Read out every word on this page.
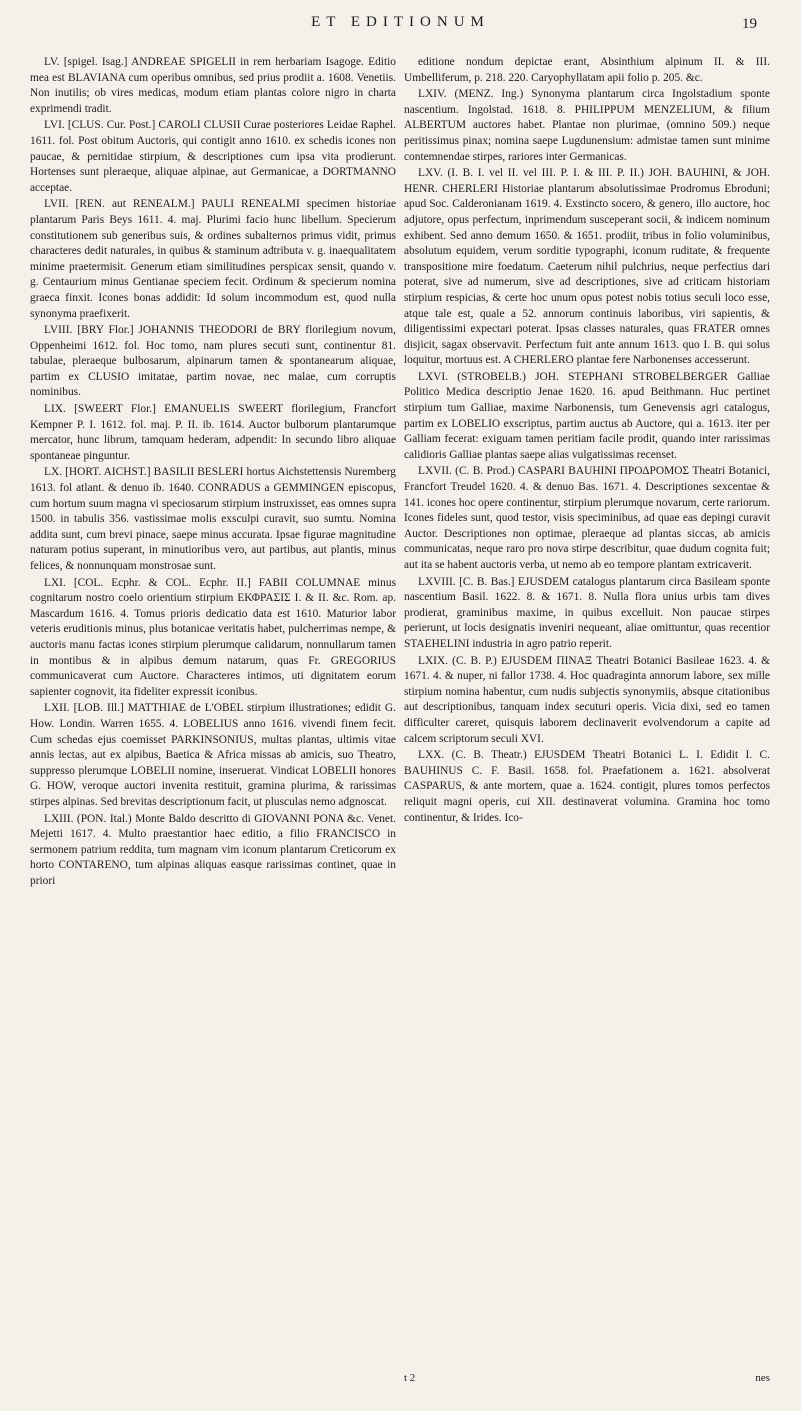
ET EDITIONUM	19

LV. [spigel. Isag.] ANDREAE SPIGELII in rem herbariam Isagoge. Editio mea est BLAVIANA cum operibus omnibus, sed prius prodiit a. 1608. Venetiis. Non inutilis; ob vires medicas, modum etiam plantas colore nigro in charta exprimendi tradit.

LVI. [CLUS. Cur. Post.] CAROLI CLUSII Curae posteriores Leidae Raphel. 1611. fol. Post obitum Auctoris, qui contigit anno 1610. ex schedis icones non paucae, & pernitidae stirpium, & descriptiones cum ipsa vita prodierunt. Hortenses sunt pleraeque, aliquae alpinae, aut Germanicae, a DORTMANNO acceptae.

LVII. [REN. aut RENEALM.] PAULI RENEALMI specimen historiae plantarum Paris Beys 1611. 4. maj. Plurimi facio hunc libellum. Specierum constitutionem sub generibus suis, & ordines subalternos primus vidit, primus characteres dedit naturales, in quibus & staminum adtributa v. g. inaequalitatem minime praetermisit. Generum etiam similitudines perspicax sensit, quando v. g. Centaurium minus Gentianae speciem fecit. Ordinum & specierum nomina graeca finxit. Icones bonas addidit: Id solum incommodum est, quod nulla synonyma praefixerit.

LVIII. [BRY Flor.] JOHANNIS THEODORI de BRY florilegium novum, Oppenheimi 1612. fol. Hoc tomo, nam plures secuti sunt, continentur 81. tabulae, pleraeque bulbosarum, alpinarum tamen & spontanearum aliquae, partim ex CLUSIO imitatae, partim novae, nec malae, cum corruptis nominibus.

LIX. [SWEERT Flor.] EMANUELIS SWEERT florilegium, Francfort Kempner P. I. 1612. fol. maj. P. II. ib. 1614. Auctor bulborum plantarumque mercator, hunc librum, tamquam hederam, adpendit: In secundo libro aliquae spontaneae pinguntur.

LX. [HORT. AICHST.] BASILII BESLERI hortus Aichstettensis Nuremberg 1613. fol atlant. & denuo ib. 1640. CONRADUS a GEMMINGEN episcopus, cum hortum suum magna vi speciosarum stirpium instruxisset, eas omnes supra 1500. in tabulis 356. vastissimae molis exsculpi curavit, suo sumtu. Nomina addita sunt, cum brevi pinace, saepe minus accurata. Ipsae figurae magnitudine naturam potius superant, in minutioribus vero, aut partibus, aut plantis, minus felices, & nonnunquam monstrosae sunt.

LXI. [COL. Ecphr. & COL. Ecphr. II.] FABII COLUMNAE minus cognitarum nostro coelo orientium stirpium ΕΚΦΡΑΣΙΣ I. & II. &c. Rom. ap. Mascardum 1616. 4. Tomus prioris dedicatio data est 1610. Maturior labor veteris eruditionis minus, plus botanicae veritatis habet, pulcherrimas nempe, & auctoris manu factas icones stirpium plerumque calidarum, nonnullarum tamen in montibus & in alpibus demum natarum, quas Fr. GREGORIUS communicaverat cum Auctore. Characteres intimos, uti dignitatem eorum sapienter cognovit, ita fideliter expressit iconibus.

LXII. [LOB. Ill.] MATTHIAE de L'OBEL stirpium illustrationes; edidit G. How. Londin. Warren 1655. 4. LOBELIUS anno 1616. vivendi finem fecit. Cum schedas ejus coemisset PARKINSONIUS, multas plantas, ultimis vitae annis lectas, aut ex alpibus, Baetica & Africa missas ab amicis, suo Theatro, suppresso plerumque LOBELII nomine, inseruerat. Vindicat LOBELII honores G. HOW, veroque auctori invenita restituit, gramina plurima, & rarissimas stirpes alpinas. Sed brevitas descriptionum facit, ut plusculas nemo adgnoscat.

LXIII. (PON. Ital.) Monte Baldo descritto di GIOVANNI PONA &c. Venet. Mejetti 1617. 4. Multo praestantior haec editio, a filio FRANCISCO in sermonem patrium reddita, tum magnam vim iconum plantarum Creticorum ex horto CONTARENO, tum alpinas aliquas easque rarissimas continet, quae in priori

editione nondum depictae erant, Absinthium alpinum II. & III. Umbelliferum, p. 218. 220. Caryophyllatam apii folio p. 205. &c.

LXIV. (MENZ. Ing.) Synonyma plantarum circa Ingolstadium sponte nascentium. Ingolstad. 1618. 8. PHILIPPUM MENZELIUM, & filium ALBERTUM auctores habet. Plantae non plurimae, (omnino 509.) neque peritissimus pinax; nomina saepe Lugdunensium: admistae tamen sunt minime contemnendae stirpes, rariores inter Germanicas.

LXV. (I. B. I. vel II. vel III. P. I. & III. P. II.) JOH. BAUHINI, & JOH. HENR. CHERLERI Historiae plantarum absolutissimae Prodromus Ebroduni; apud Soc. Calderonianam 1619. 4. Exstincto socero, & genero, illo auctore, hoc adjutore, opus perfectum, inprimendum susceperant socii, & indicem nominum exhibent. Sed anno demum 1650. & 1651. prodiit, tribus in folio voluminibus, absolutum equidem, verum sorditie typographi, iconum ruditate, & frequente transpositione mire foedatum. Caeterum nihil pulchrius, neque perfectius dari poterat, sive ad numerum, sive ad descriptiones, sive ad criticam historiam stirpium respicias, & certe hoc unum opus potest nobis totius seculi loco esse, atque tale est, quale a 52. annorum continuis laboribus, viri sapientis, & diligentissimi expectari poterat. Ipsas classes naturales, quas FRATER omnes disjicit, sagax observavit. Perfectum fuit ante annum 1613. quo I. B. qui solus loquitur, mortuus est. A CHERLERO plantae fere Narbonenses accesserunt.

LXVI. (STROBELB.) JOH. STEPHANI STROBELBERGER Galliae Politico Medica descriptio Jenae 1620. 16. apud Beithmann. Huc pertinet stirpium tum Galliae, maxime Narbonensis, tum Genevensis agri catalogus, partim ex LOBELIO exscriptus, partim auctus ab Auctore, qui a. 1613. iter per Galliam fecerat: exiguam tamen peritiam facile prodit, quando inter rarissimas calidioris Galliae plantas saepe alias vulgatissimas recenset.

LXVII. (C. B. Prod.) CASPARI BAUHINI ΠΡΟΔΡΟΜΟΣ Theatri Botanici, Francfort Treudel 1620. 4. & denuo Bas. 1671. 4. Descriptiones sexcentae & 141. icones hoc opere continentur, stirpium plerumque novarum, certe rariorum. Icones fideles sunt, quod testor, visis speciminibus, ad quae eas depingi curavit Auctor. Descriptiones non optimae, pleraeque ad plantas siccas, ab amicis communicatas, neque raro pro nova stirpe describitur, quae dudum cognita fuit; aut ita se habent auctoris verba, ut nemo ab eo tempore plantam extricaverit.

LXVIII. [C. B. Bas.] EJUSDEM catalogus plantarum circa Basileam sponte nascentium Basil. 1622. 8. & 1671. 8. Nulla flora unius urbis tam dives prodierat, graminibus maxime, in quibus excelluit. Non paucae stirpes perierunt, ut locis designatis inveniri nequeant, aliae omittuntur, quas recentior STAEHELINI industria in agro patrio reperit.

LXIX. (C. B. P.) EJUSDEM ΠΙΝΑΞ Theatri Botanici Basileae 1623. 4. & 1671. 4. & nuper, ni fallor 1738. 4. Hoc quadraginta annorum labore, sex mille stirpium nomina habentur, cum nudis subjectis synonymiis, absque citationibus aut descriptionibus, tanquam index secuturi operis. Vicia dixi, sed eo tamen difficulter careret, quisquis laborem declinaverit evolvendorum a capite ad calcem scriptorum seculi XVI.

LXX. (C. B. Theatr.) EJUSDEM Theatri Botanici L. I. Edidit I. C. BAUHINUS C. F. Basil. 1658. fol. Praefationem a. 1621. absolverat CASPARUS, & ante mortem, quae a. 1624. contigit, plures tomos perfectos reliquit magni operis, cui XII. destinaverat volumina. Gramina hoc tomo continentur, & Irides. Ico-

t 2	nes
